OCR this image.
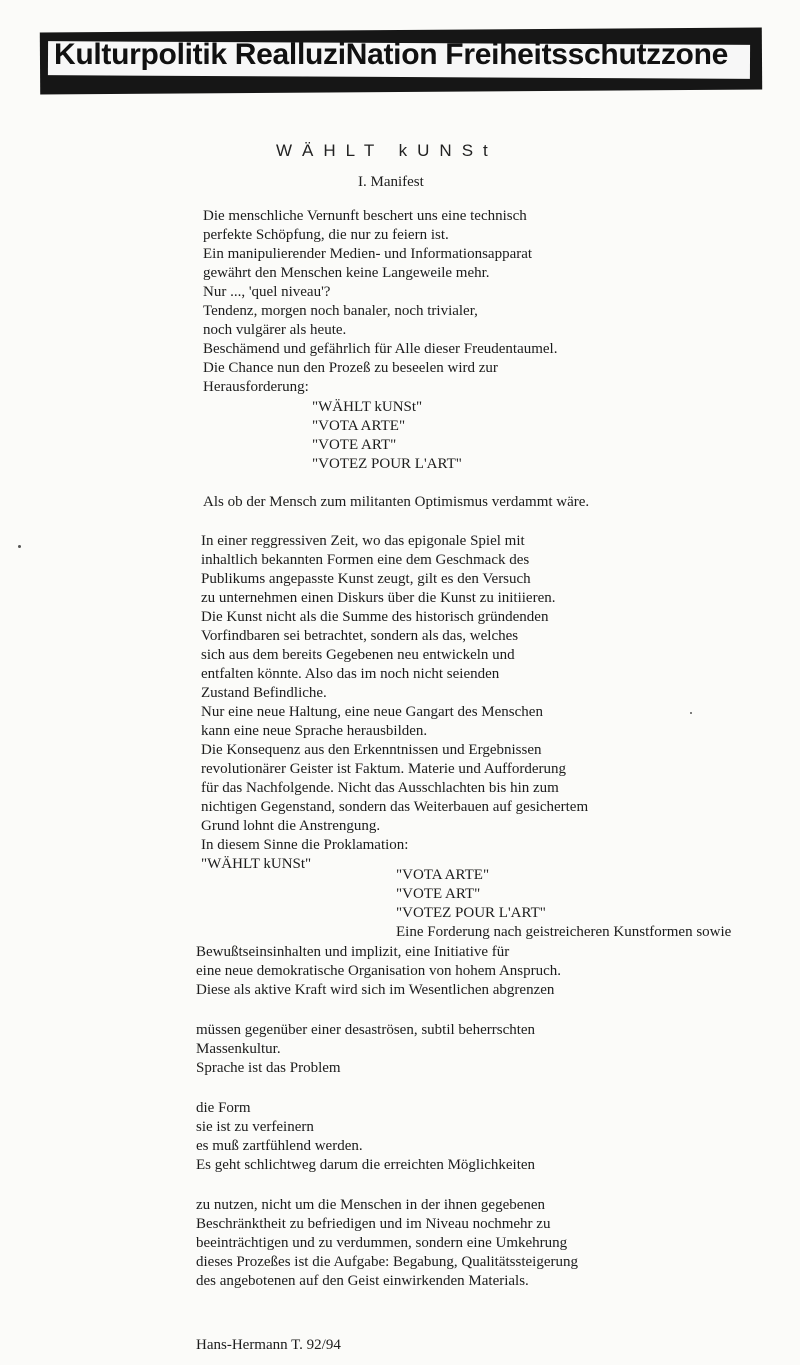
Kulturpolitik RealluziNation Freiheitsschutzzone
WÄHLT kUNSt
I. Manifest
Die menschliche Vernunft beschert uns eine technisch
perfekte Schöpfung, die nur zu feiern ist.
Ein manipulierender Medien- und Informationsapparat
gewährt den Menschen keine Langeweile mehr.
Nur ..., 'quel niveau'?
Tendenz, morgen noch banaler, noch trivialer,
noch vulgärer als heute.
Beschämend und gefährlich für Alle dieser Freudentaumel.
Die Chance nun den Prozeß zu beseelen wird zur
Herausforderung:
"WÄHLT kUNSt"
"VOTA ARTE"
"VOTE ART"
"VOTEZ POUR L'ART"
Als ob der Mensch zum militanten Optimismus verdammt wäre.
In einer reggressiven Zeit, wo das epigonale Spiel mit
inhaltlich bekannten Formen eine dem Geschmack des
Publikums angepasste Kunst zeugt, gilt es den Versuch
zu unternehmen einen Diskurs über die Kunst zu initiieren.
Die Kunst nicht als die Summe des historisch gründenden
Vorfindbaren sei betrachtet, sondern als das, welches
sich aus dem bereits Gegebenen neu entwickeln und
entfalten könnte. Also das im noch nicht seienden
Zustand Befindliche.
Nur eine neue Haltung, eine neue Gangart des Menschen
kann eine neue Sprache herausbilden.
Die Konsequenz aus den Erkenntnissen und Ergebnissen
revolutionärer Geister ist Faktum. Materie und Aufforderung
für das Nachfolgende. Nicht das Ausschlachten bis hin zum
nichtigen Gegenstand, sondern das Weiterbauen auf gesichertem
Grund lohnt die Anstrengung.
In diesem Sinne die Proklamation:
"WÄHLT kUNSt"
"VOTA ARTE"
"VOTE ART"
"VOTEZ POUR L'ART"
Eine Forderung nach geistreicheren Kunstformen sowie
Bewußtseinsinhalten und implizit, eine Initiative für
eine neue demokratische Organisation von hohem Anspruch.
Diese als aktive Kraft wird sich im Wesentlichen abgrenzen
müssen gegenüber einer desaströsen, subtil beherrschten
Massenkultur.
Sprache ist das Problem
die Form
sie ist zu verfeinern
es muß zartfühlend werden.
Es geht schlichtweg darum die erreichten Möglichkeiten
zu nutzen, nicht um die Menschen in der ihnen gegebenen
Beschränktheit zu befriedigen und im Niveau nochmehr zu
beeinträchtigen und zu verdummen, sondern eine Umkehrung
dieses Prozeßes ist die Aufgabe: Begabung, Qualitätssteigerung
des angebotenen auf den Geist einwirkenden Materials.
Hans-Hermann T. 92/94
